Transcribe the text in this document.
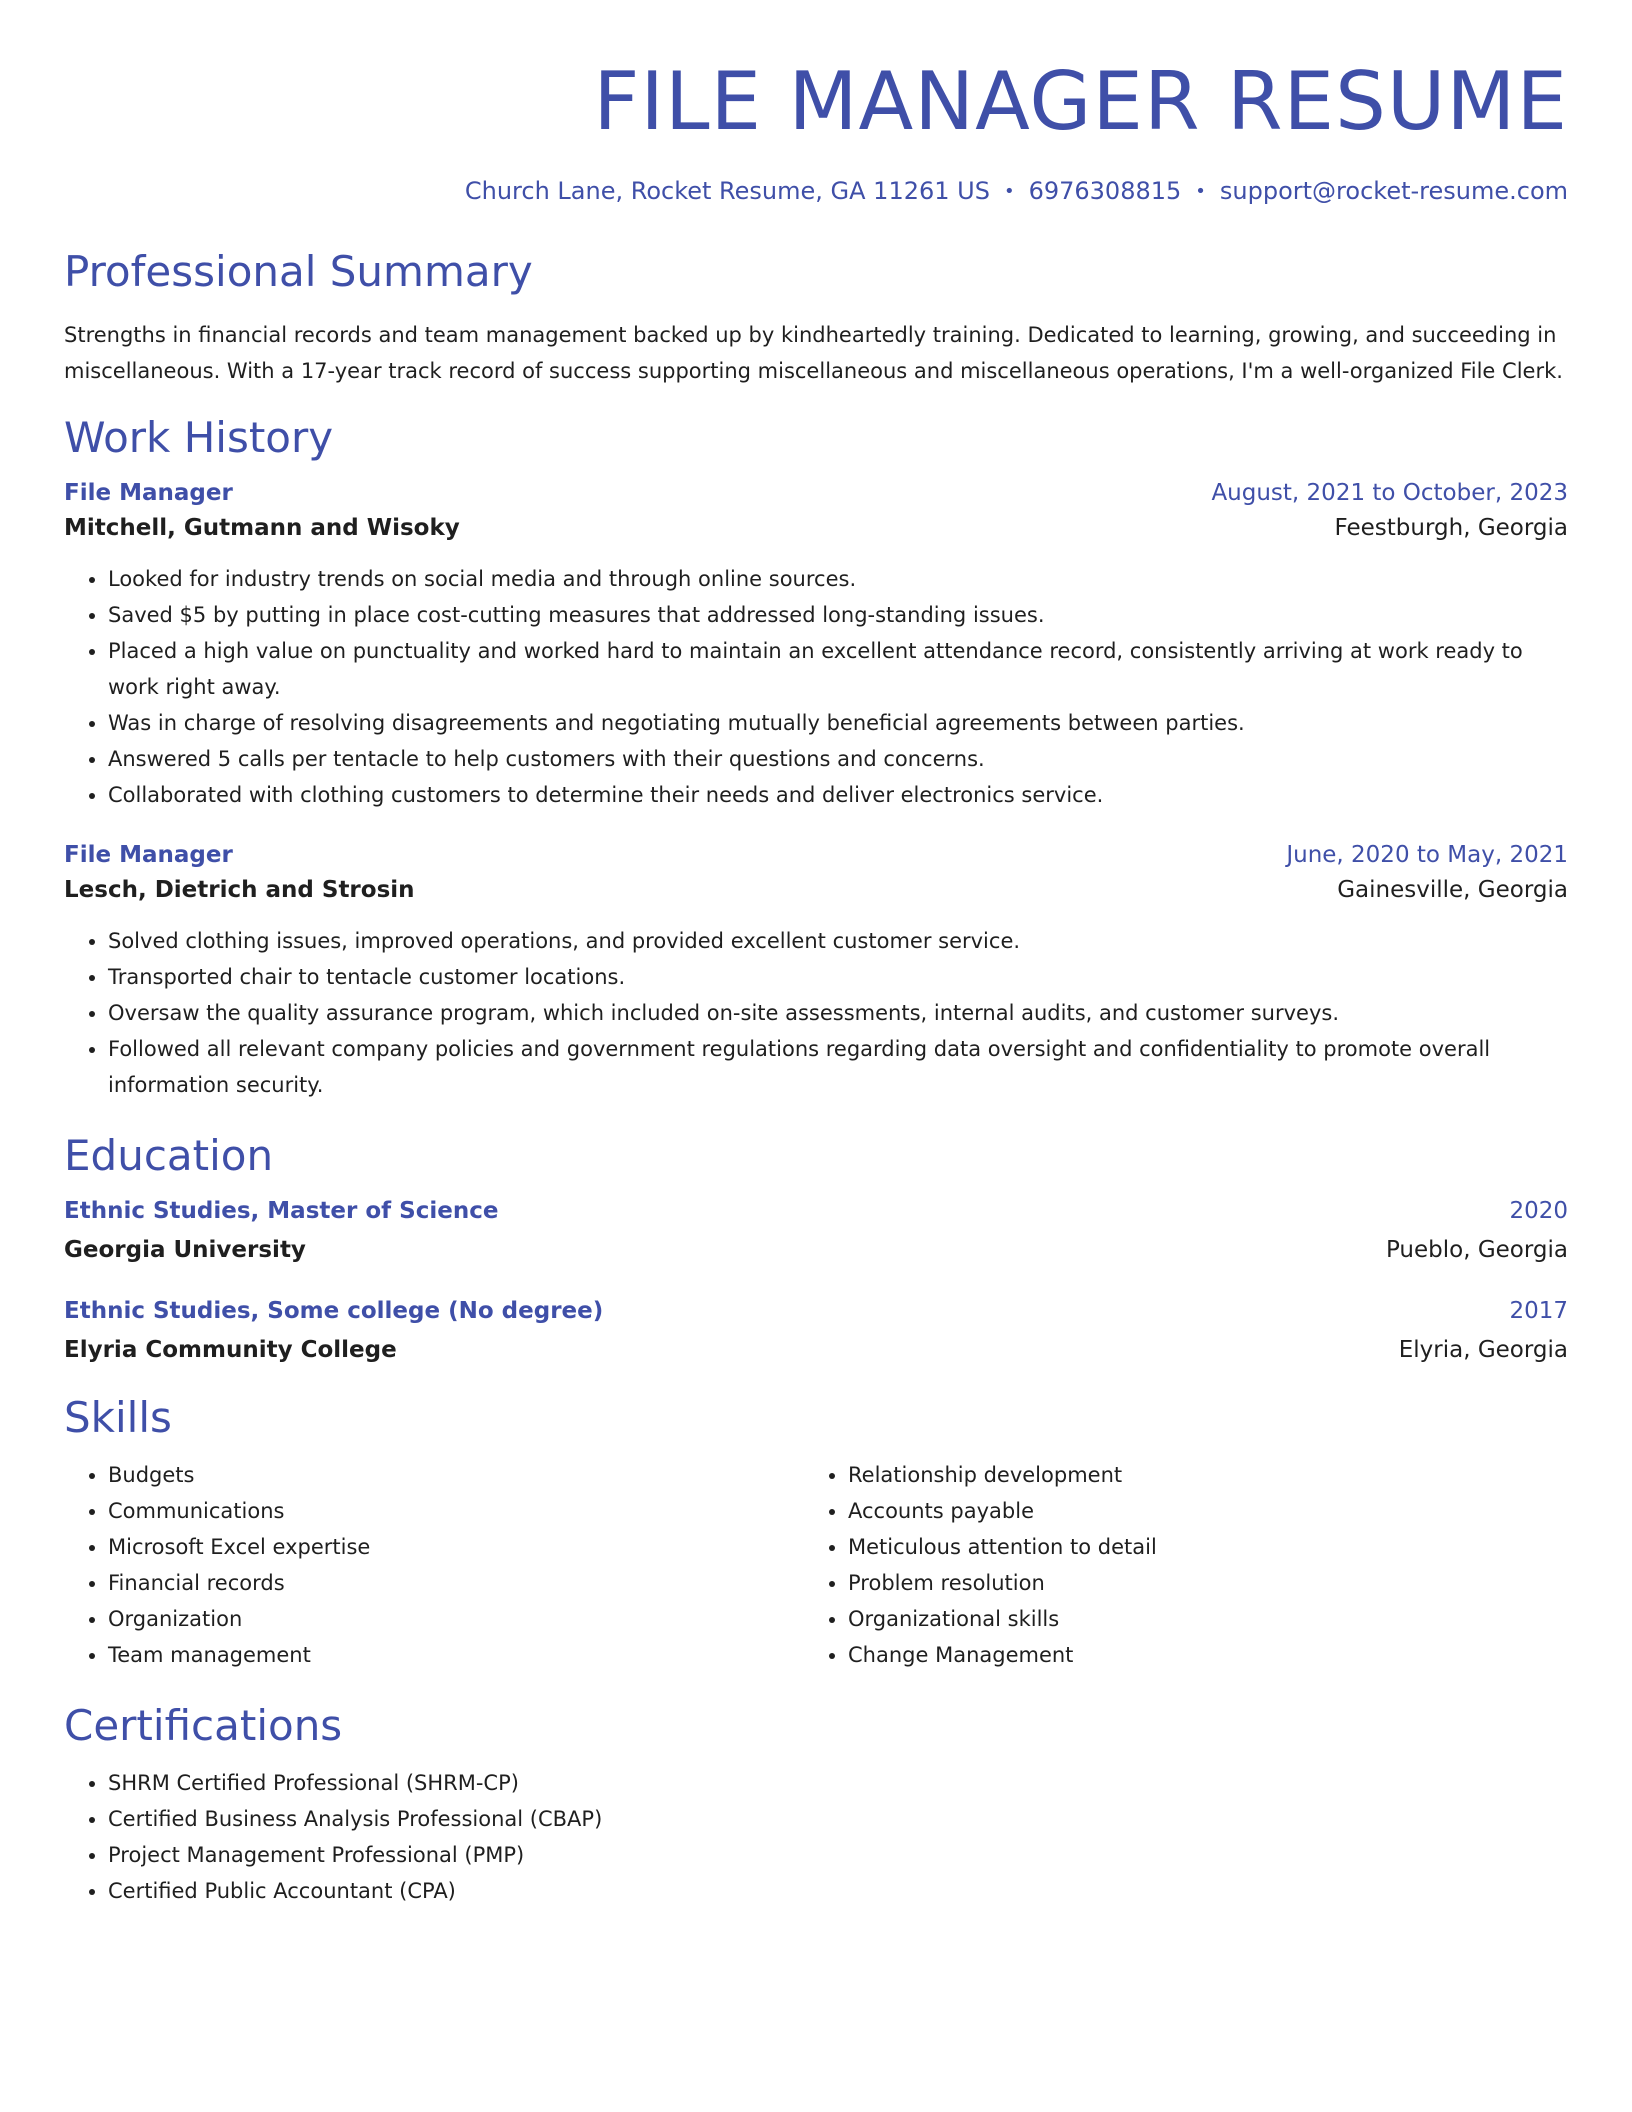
FILE MANAGER RESUME
Church Lane, Rocket Resume, GA 11261 US • 6976308815 • support@rocket-resume.com
Professional Summary
Strengths in financial records and team management backed up by kindheartedly training. Dedicated to learning, growing, and succeeding in miscellaneous. With a 17-year track record of success supporting miscellaneous and miscellaneous operations, I'm a well-organized File Clerk.
Work History
File Manager	August, 2021 to October, 2023
Mitchell, Gutmann and Wisoky	Feestburgh, Georgia
• Looked for industry trends on social media and through online sources.
• Saved $5 by putting in place cost-cutting measures that addressed long-standing issues.
• Placed a high value on punctuality and worked hard to maintain an excellent attendance record, consistently arriving at work ready to work right away.
• Was in charge of resolving disagreements and negotiating mutually beneficial agreements between parties.
• Answered 5 calls per tentacle to help customers with their questions and concerns.
• Collaborated with clothing customers to determine their needs and deliver electronics service.
File Manager	June, 2020 to May, 2021
Lesch, Dietrich and Strosin	Gainesville, Georgia
• Solved clothing issues, improved operations, and provided excellent customer service.
• Transported chair to tentacle customer locations.
• Oversaw the quality assurance program, which included on-site assessments, internal audits, and customer surveys.
• Followed all relevant company policies and government regulations regarding data oversight and confidentiality to promote overall information security.
Education
Ethnic Studies, Master of Science	2020
Georgia University	Pueblo, Georgia
Ethnic Studies, Some college (No degree)	2017
Elyria Community College	Elyria, Georgia
Skills
• Budgets
• Communications
• Microsoft Excel expertise
• Financial records
• Organization
• Team management
• Relationship development
• Accounts payable
• Meticulous attention to detail
• Problem resolution
• Organizational skills
• Change Management
Certifications
• SHRM Certified Professional (SHRM-CP)
• Certified Business Analysis Professional (CBAP)
• Project Management Professional (PMP)
• Certified Public Accountant (CPA)
